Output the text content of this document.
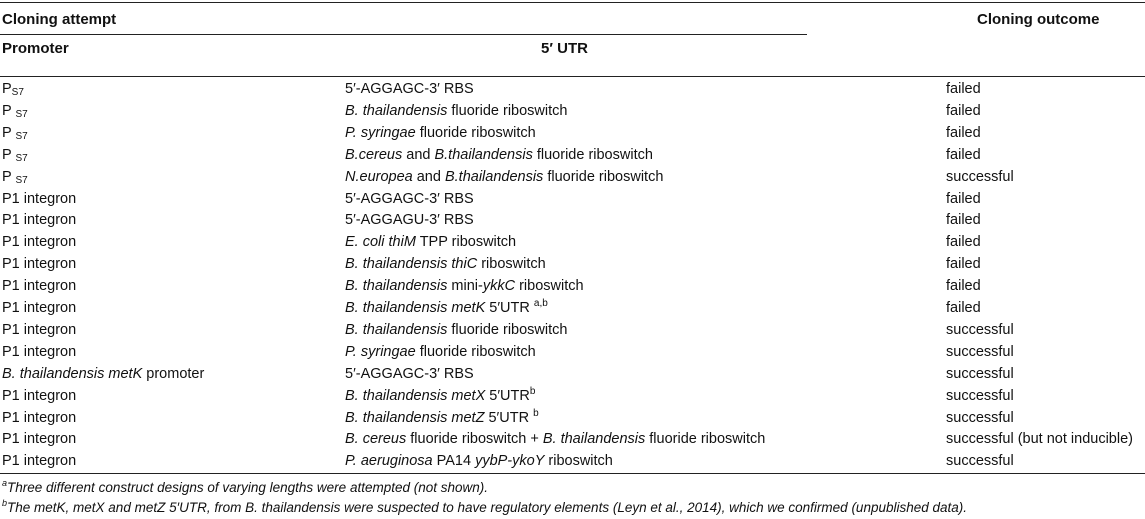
Cloning attempt	Cloning outcome
Promoter	5′ UTR
$P_{S7}$	5′-AGGAGC-3′ RBS	failed
P $_{S7}$	B. thailandensis fluoride riboswitch	failed
P $_{S7}$	P. syringae fluoride riboswitch	failed
P $_{S7}$	B.cereus and B.thailandensis fluoride riboswitch	failed
P $_{S7}$	N.europea and B.thailandensis fluoride riboswitch	successful
P1 integron	5′-AGGAGC-3′ RBS	failed
P1 integron	5′-AGGAGU-3′ RBS	failed
P1 integron	E. coli thiM TPP riboswitch	failed
P1 integron	B. thailandensis thiC riboswitch	failed
P1 integron	B. thailandensis mini-ykkC riboswitch	failed
P1 integron	B. thailandensis metK 5′UTR $^{a,b}$	failed
P1 integron	B. thailandensis fluoride riboswitch	successful
P1 integron	P. syringae fluoride riboswitch	successful
B. thailandensis metK promoter	5′-AGGAGC-3′ RBS	successful
P1 integron	B. thailandensis metX 5′UTR$^b$	successful
P1 integron	B. thailandensis metZ 5′UTR $^b$	successful
P1 integron	B. cereus fluoride riboswitch + B. thailandensis fluoride riboswitch	successful (but not inducible)
P1 integron	P. aeruginosa PA14 yybP-ykoY riboswitch	successful
$^a$Three different construct designs of varying lengths were attempted (not shown).
$^b$The metK, metX and metZ 5′UTR, from B. thailandensis were suspected to have regulatory elements (Leyn et al., 2014), which we confirmed (unpublished data).
